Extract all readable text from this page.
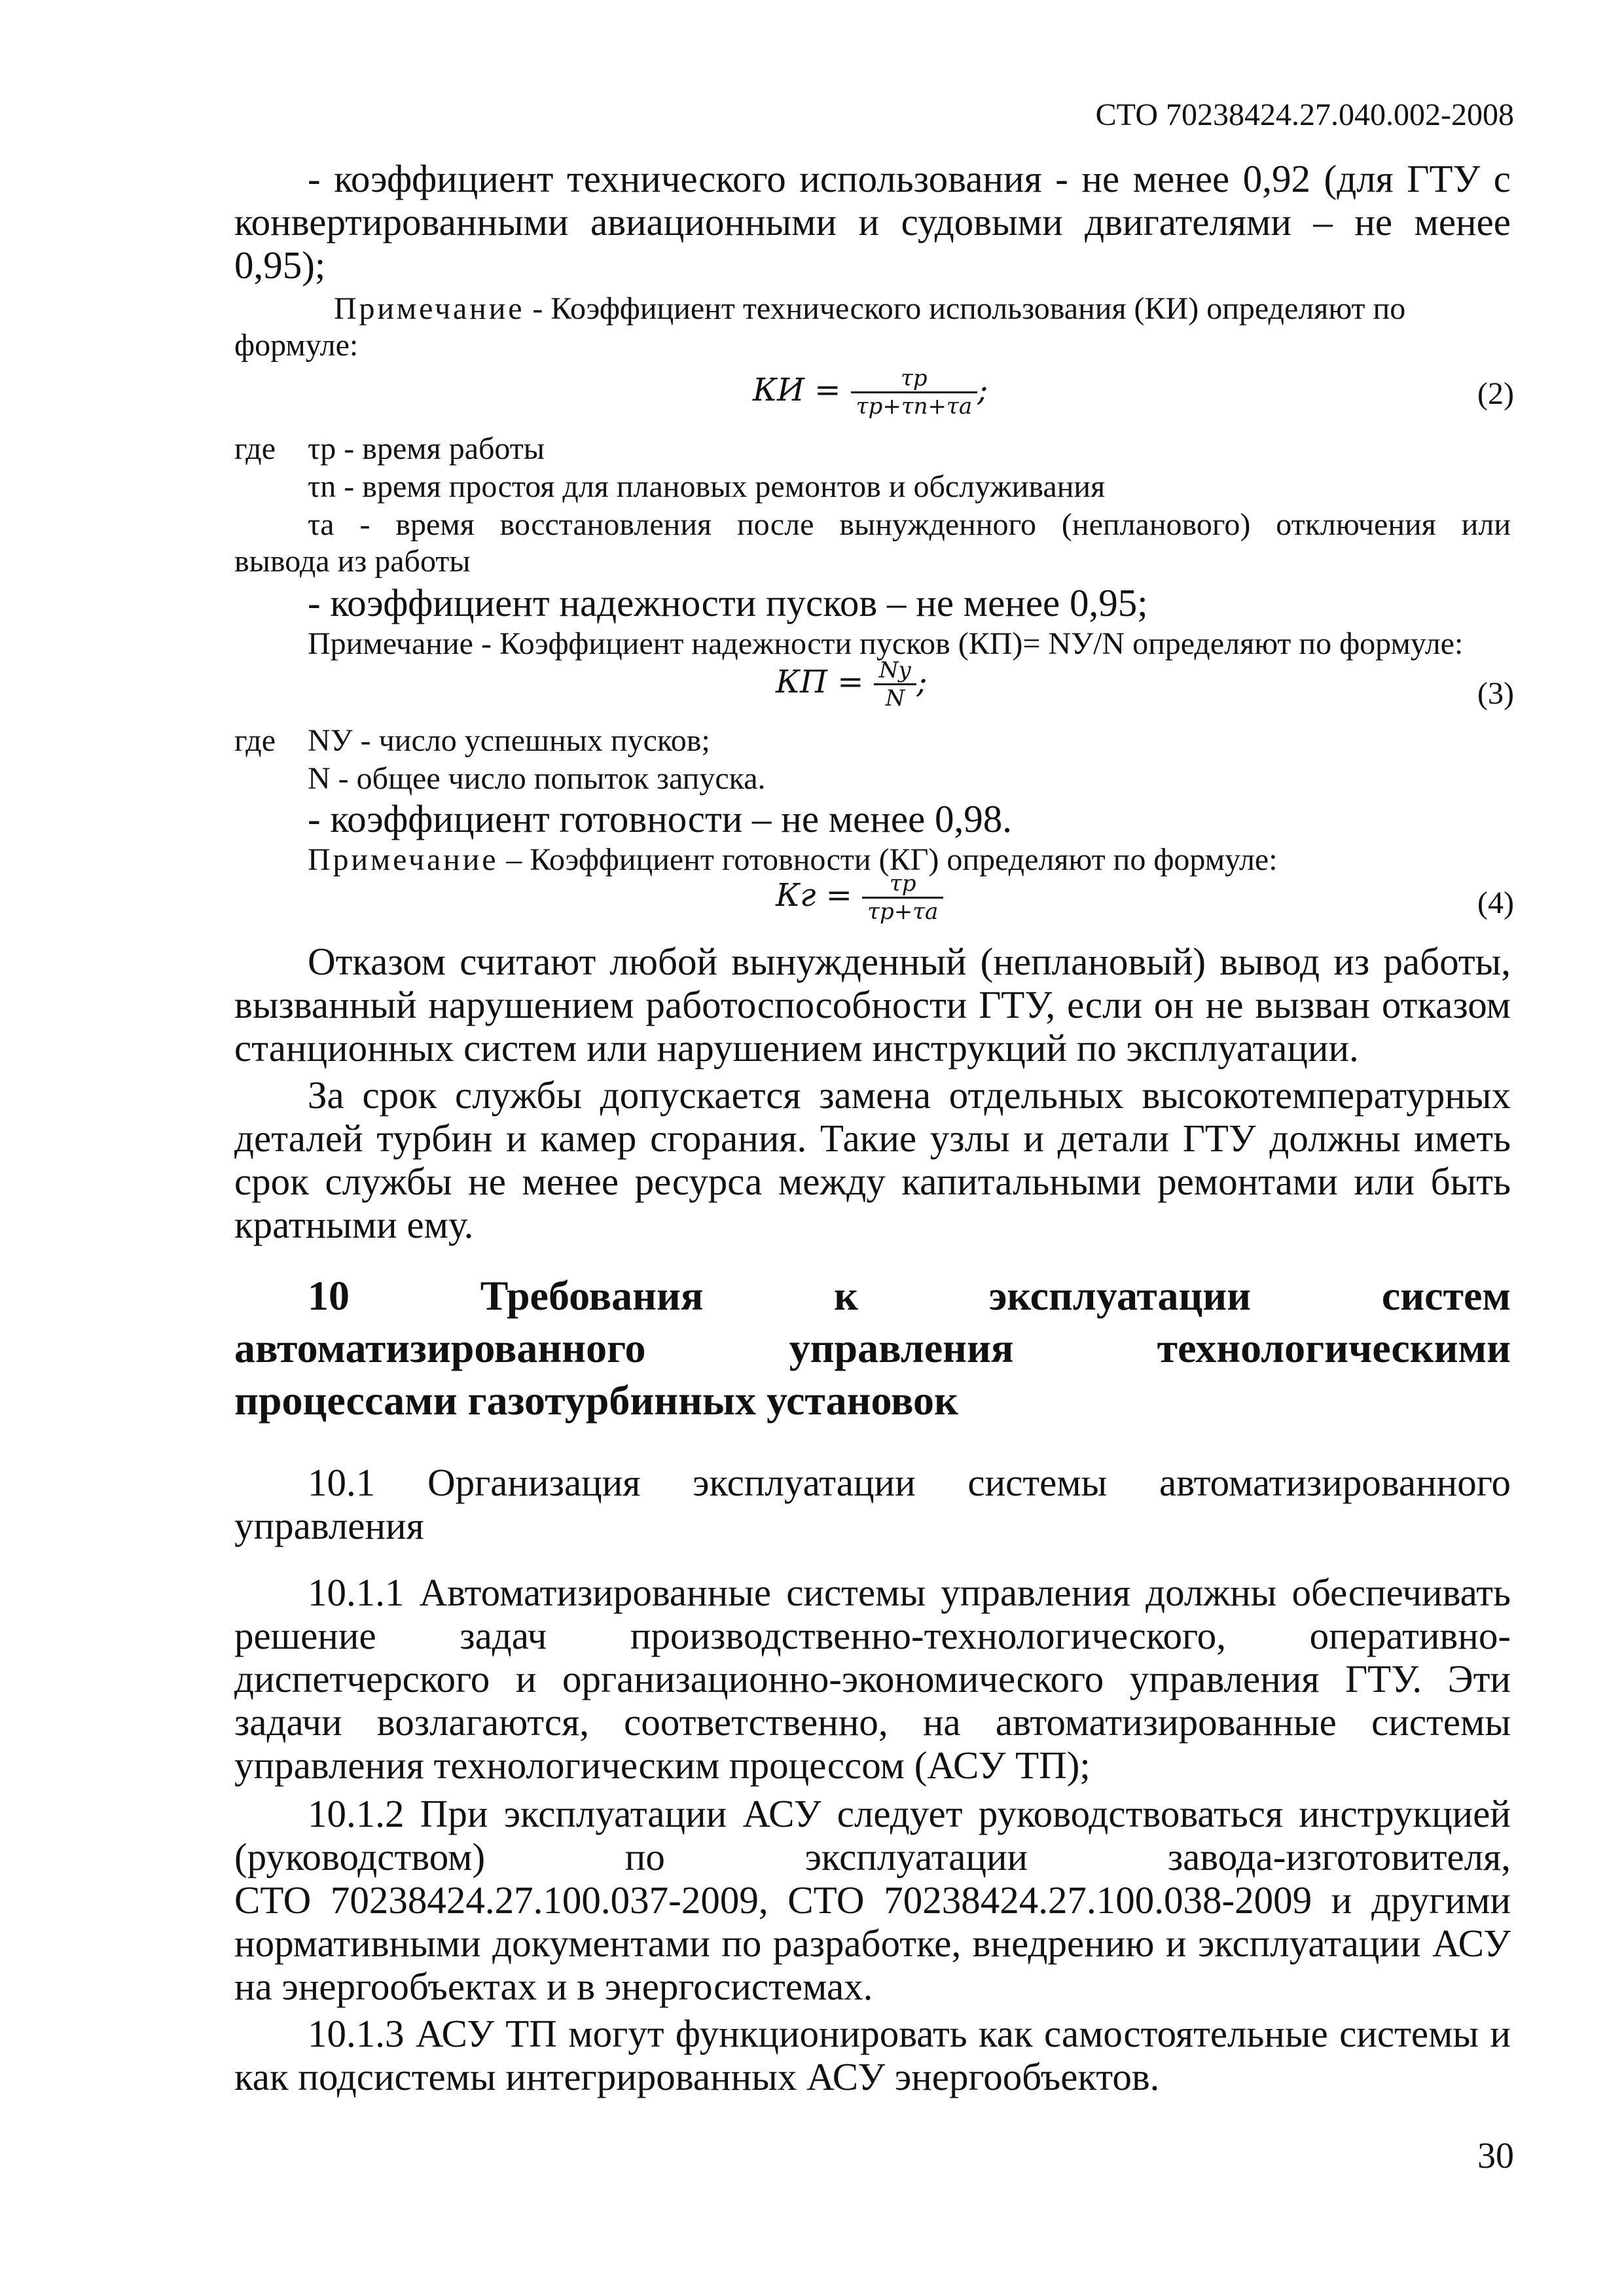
СТО 70238424.27.040.002-2008
- коэффициент технического использования - не менее 0,92 (для ГТУ с
конвертированными авиационными и судовыми двигателями – не менее
0,95);
Примечание - Коэффициент технического использования (КИ) определяют по
формуле:
КИ = $\frac{\tau р}{\tau р+\tau n+\tau a}$ ;	(2)
где τр - время работы
τn - время простоя для плановых ремонтов и обслуживания
τa - время восстановления после вынужденного (непланового) отключения или
вывода из работы
- коэффициент надежности пусков – не менее 0,95;
Примечание - Коэффициент надежности пусков (КП)= NУ/N определяют по формуле:
КП = $\frac{Nу}{N}$ ;	(3)
где NУ - число успешных пусков;
N - общее число попыток запуска.
- коэффициент готовности – не менее 0,98.
Примечание – Коэффициент готовности (КГ) определяют по формуле:
Кг = $\frac{\tau р}{\tau р+\tau a}$	(4)
Отказом считают любой вынужденный (неплановый) вывод из работы,
вызванный нарушением работоспособности ГТУ, если он не вызван отказом
станционных систем или нарушением инструкций по эксплуатации.
За срок службы допускается замена отдельных высокотемпературных
деталей турбин и камер сгорания. Такие узлы и детали ГТУ должны иметь
срок службы не менее ресурса между капитальными ремонтами или быть
кратными ему.
10 Требования к эксплуатации систем
автоматизированного управления технологическими
процессами газотурбинных установок
10.1 Организация эксплуатации системы автоматизированного
управления
10.1.1 Автоматизированные системы управления должны обеспечивать
решение задач производственно-технологического, оперативно-
диспетчерского и организационно-экономического управления ГТУ. Эти
задачи возлагаются, соответственно, на автоматизированные системы
управления технологическим процессом (АСУ ТП);
10.1.2 При эксплуатации АСУ следует руководствоваться инструкцией
(руководством) по эксплуатации завода-изготовителя,
СТО 70238424.27.100.037-2009, СТО 70238424.27.100.038-2009 и другими
нормативными документами по разработке, внедрению и эксплуатации АСУ
на энергообъектах и в энергосистемах.
10.1.3 АСУ ТП могут функционировать как самостоятельные системы и
как подсистемы интегрированных АСУ энергообъектов.
30
